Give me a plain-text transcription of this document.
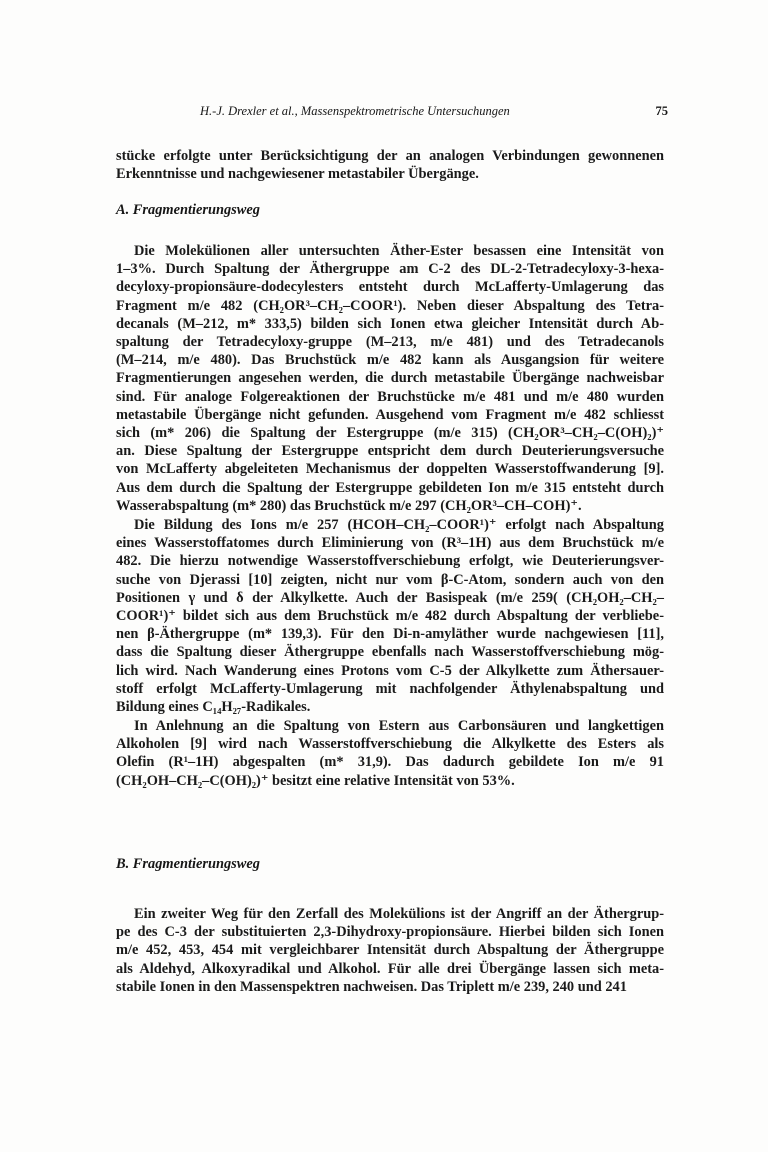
H.-J. Drexler et al., Massenspektrometrische Untersuchungen	75
stücke erfolgte unter Berücksichtigung der an analogen Verbindungen gewonnenen
Erkenntnisse und nachgewiesener metastabiler Übergänge.
A. Fragmentierungsweg
Die Molekülionen aller untersuchten Äther-Ester besassen eine Intensität von
1–3%. Durch Spaltung der Äthergruppe am C-2 des DL-2-Tetradecyloxy-3-hexa-
decyloxy-propionsäure-dodecylesters entsteht durch McLafferty-Umlagerung das
Fragment m/e 482 (CH₂OR³–CH₂–COOR¹). Neben dieser Abspaltung des Tetra-
decanals (M–212, m* 333,5) bilden sich Ionen etwa gleicher Intensität durch Ab-
spaltung der Tetradecyloxy-gruppe (M–213, m/e 481) und des Tetradecanols
(M–214, m/e 480). Das Bruchstück m/e 482 kann als Ausgangsion für weitere
Fragmentierungen angesehen werden, die durch metastabile Übergänge nachweisbar
sind. Für analoge Folgereaktionen der Bruchstücke m/e 481 und m/e 480 wurden
metastabile Übergänge nicht gefunden. Ausgehend vom Fragment m/e 482 schliesst
sich (m* 206) die Spaltung der Estergruppe (m/e 315) (CH₂OR³–CH₂–C(OH)₂)⁺
an. Diese Spaltung der Estergruppe entspricht dem durch Deuterierungsversuche
von McLafferty abgeleiteten Mechanismus der doppelten Wasserstoffwanderung [9].
Aus dem durch die Spaltung der Estergruppe gebildeten Ion m/e 315 entsteht durch
Wasserabspaltung (m* 280) das Bruchstück m/e 297 (CH₂OR³–CH–COH)⁺.
Die Bildung des Ions m/e 257 (HCOH–CH₂–COOR¹)⁺ erfolgt nach Abspaltung
eines Wasserstoffatomes durch Eliminierung von (R³–1H) aus dem Bruchstück m/e
482. Die hierzu notwendige Wasserstoffverschiebung erfolgt, wie Deuterierungsver-
suche von Djerassi [10] zeigten, nicht nur vom β-C-Atom, sondern auch von den
Positionen γ und δ der Alkylkette. Auch der Basispeak (m/e 259( (CH₂OH₂–CH₂–
COOR¹)⁺ bildet sich aus dem Bruchstück m/e 482 durch Abspaltung der verbliebe-
nen β-Äthergruppe (m* 139,3). Für den Di-n-amyläther wurde nachgewiesen [11],
dass die Spaltung dieser Äthergruppe ebenfalls nach Wasserstoffverschiebung mög-
lich wird. Nach Wanderung eines Protons vom C-5 der Alkylkette zum Äthersauer-
stoff erfolgt McLafferty-Umlagerung mit nachfolgender Äthylenabspaltung und
Bildung eines C₁₄H₂₇-Radikales.
In Anlehnung an die Spaltung von Estern aus Carbonsäuren und langkettigen
Alkoholen [9] wird nach Wasserstoffverschiebung die Alkylkette des Esters als
Olefin (R¹–1H) abgespalten (m* 31,9). Das dadurch gebildete Ion m/e 91
(CH₂OH–CH₂–C(OH)₂)⁺ besitzt eine relative Intensität von 53%.
B. Fragmentierungsweg
Ein zweiter Weg für den Zerfall des Molekülions ist der Angriff an der Äthergrup-
pe des C-3 der substituierten 2,3-Dihydroxy-propionsäure. Hierbei bilden sich Ionen
m/e 452, 453, 454 mit vergleichbarer Intensität durch Abspaltung der Äthergruppe
als Aldehyd, Alkoxyradikal und Alkohol. Für alle drei Übergänge lassen sich meta-
stabile Ionen in den Massenspektren nachweisen. Das Triplett m/e 239, 240 und 241
